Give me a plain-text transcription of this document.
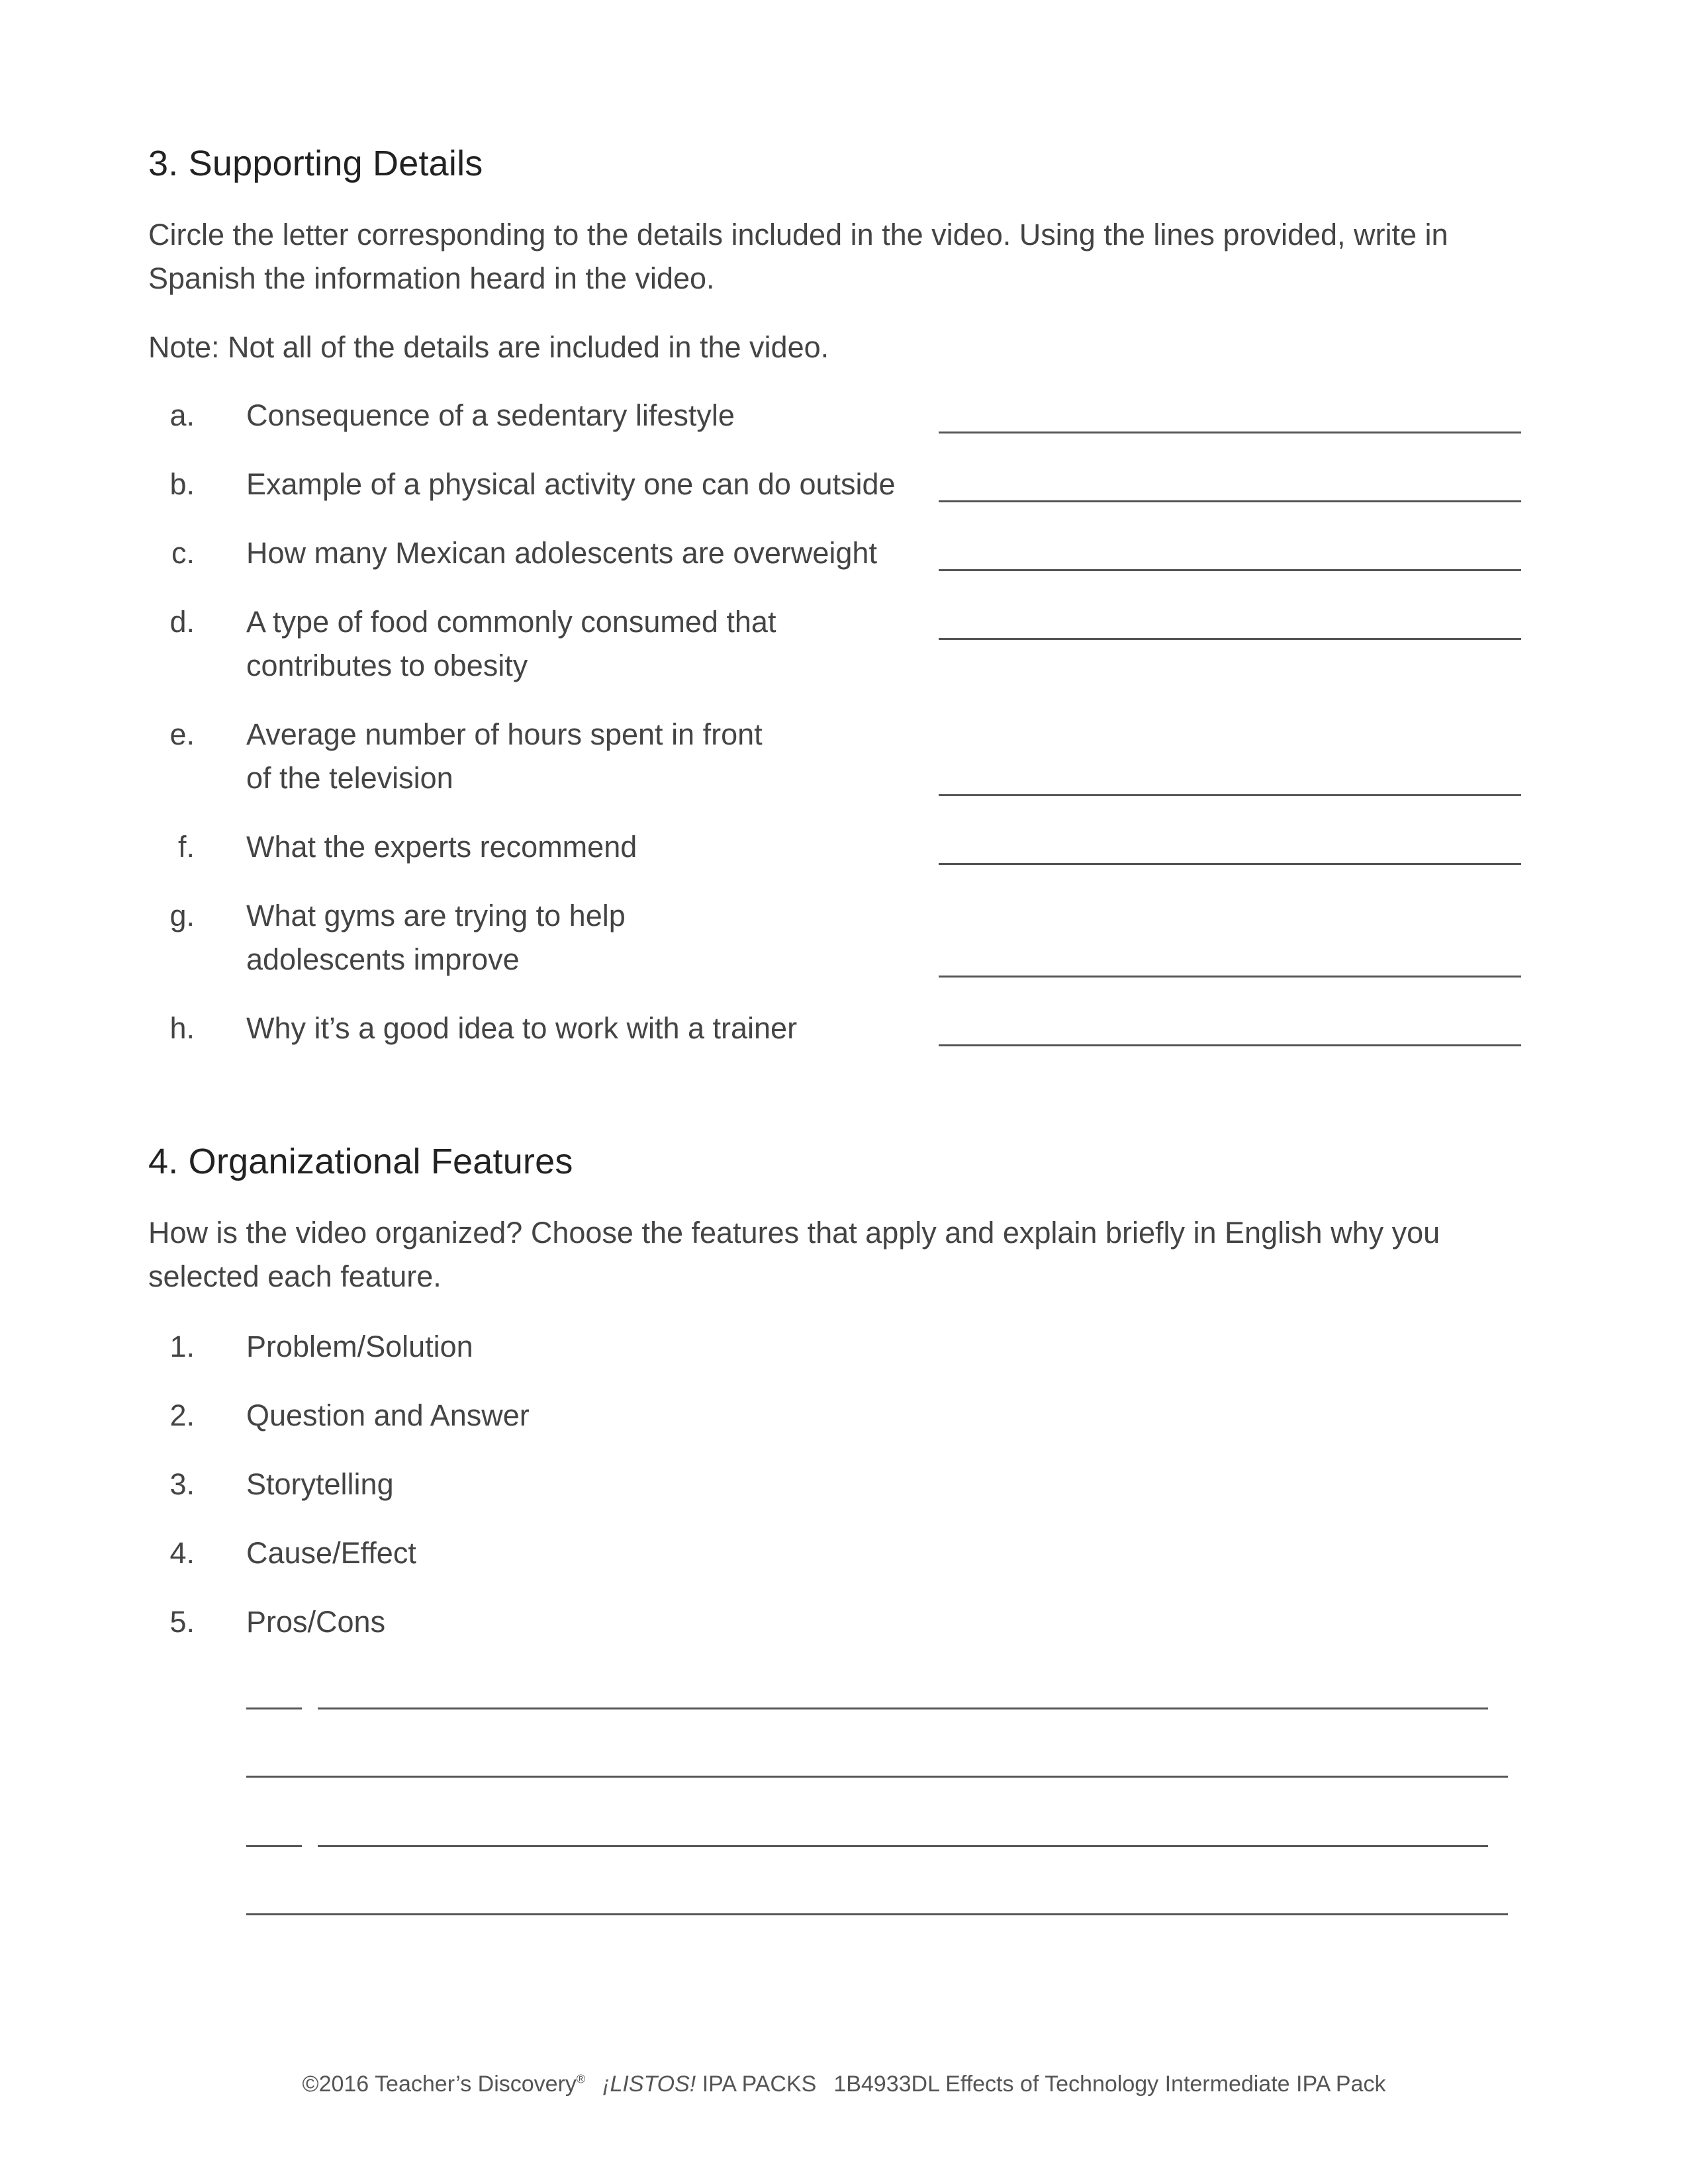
3. Supporting Details

Circle the letter corresponding to the details included in the video. Using the lines provided, write in
Spanish the information heard in the video.

Note: Not all of the details are included in the video.

a. Consequence of a sedentary lifestyle
b. Example of a physical activity one can do outside
c. How many Mexican adolescents are overweight
d. A type of food commonly consumed that
contributes to obesity
e. Average number of hours spent in front
of the television
f. What the experts recommend
g. What gyms are trying to help
adolescents improve
h. Why it’s a good idea to work with a trainer
4. Organizational Features

How is the video organized? Choose the features that apply and explain briefly in English why you
selected each feature.

1. Problem/Solution
2. Question and Answer
3. Storytelling
4. Cause/Effect
5. Pros/Cons
©2016 Teacher’s Discovery® ¡LISTOS! IPA PACKS 1B4933DL Effects of Technology Intermediate IPA Pack
